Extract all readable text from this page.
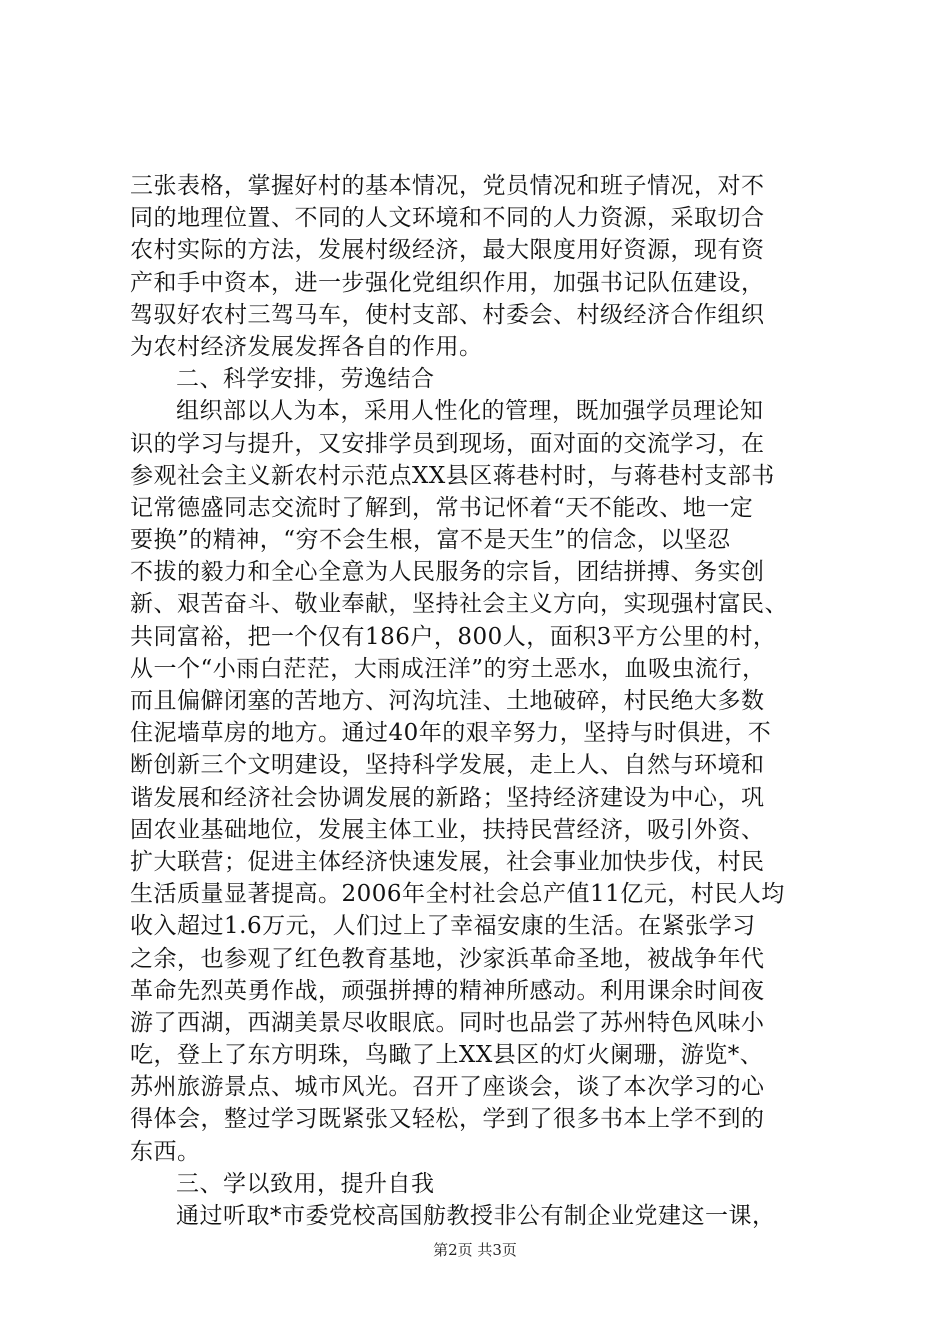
三张表格，掌握好村的基本情况，党员情况和班子情况，对不
同的地理位置、不同的人文环境和不同的人力资源，采取切合
农村实际的方法，发展村级经济，最大限度用好资源，现有资
产和手中资本，进一步强化党组织作用，加强书记队伍建设，
驾驭好农村三驾马车，使村支部、村委会、村级经济合作组织
为农村经济发展发挥各自的作用。
二、科学安排，劳逸结合
组织部以人为本，采用人性化的管理，既加强学员理论知
识的学习与提升，又安排学员到现场，面对面的交流学习，在
参观社会主义新农村示范点XX县区蒋巷村时，与蒋巷村支部书
记常德盛同志交流时了解到，常书记怀着“天不能改、地一定
要换”的精神，“穷不会生根，富不是天生”的信念，以坚忍
不拔的毅力和全心全意为人民服务的宗旨，团结拼搏、务实创
新、艰苦奋斗、敬业奉献，坚持社会主义方向，实现强村富民、
共同富裕，把一个仅有186户，800人，面积3平方公里的村，
从一个“小雨白茫茫，大雨成汪洋”的穷土恶水，血吸虫流行，
而且偏僻闭塞的苦地方、河沟坑洼、土地破碎，村民绝大多数
住泥墙草房的地方。通过40年的艰辛努力，坚持与时俱进，不
断创新三个文明建设，坚持科学发展，走上人、自然与环境和
谐发展和经济社会协调发展的新路；坚持经济建设为中心，巩
固农业基础地位，发展主体工业，扶持民营经济，吸引外资、
扩大联营；促进主体经济快速发展，社会事业加快步伐，村民
生活质量显著提高。2006年全村社会总产值11亿元，村民人均
收入超过1.6万元，人们过上了幸福安康的生活。在紧张学习
之余，也参观了红色教育基地，沙家浜革命圣地，被战争年代
革命先烈英勇作战，顽强拼搏的精神所感动。利用课余时间夜
游了西湖，西湖美景尽收眼底。同时也品尝了苏州特色风味小
吃，登上了东方明珠，鸟瞰了上XX县区的灯火阑珊，游览*、
苏州旅游景点、城市风光。召开了座谈会，谈了本次学习的心
得体会，整过学习既紧张又轻松，学到了很多书本上学不到的
东西。
三、学以致用，提升自我
通过听取*市委党校高国舫教授非公有制企业党建这一课，
第2页 共3页
